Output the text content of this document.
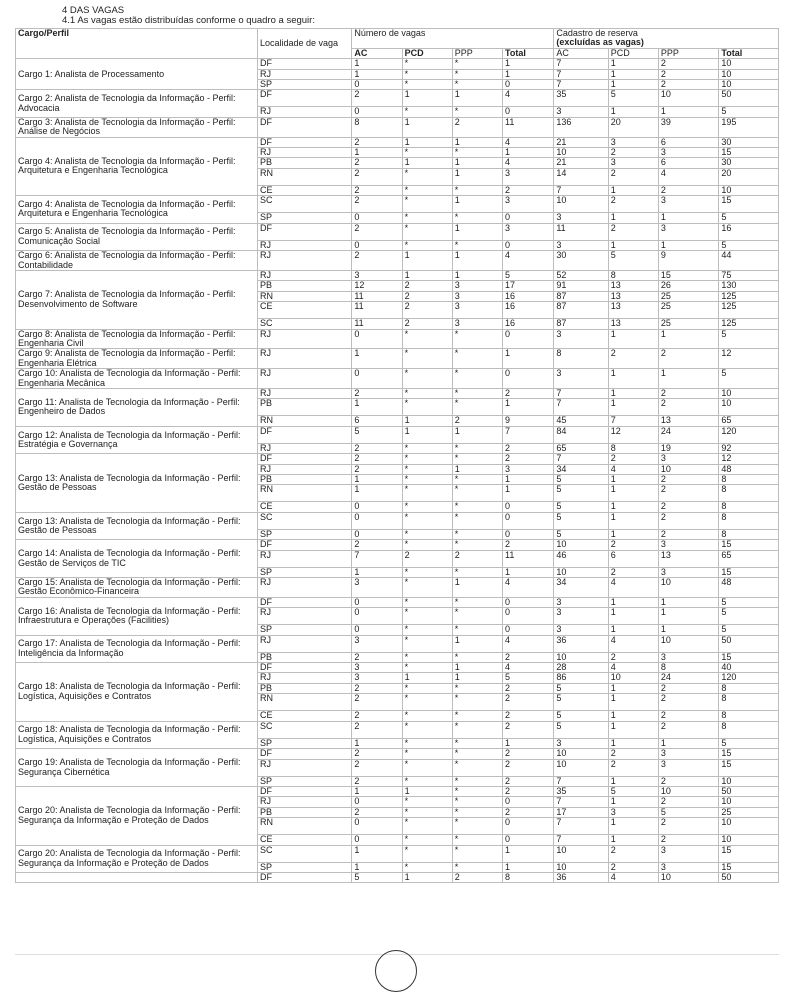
4 DAS VAGAS
4.1 As vagas estão distribuídas conforme o quadro a seguir:
Cargo/Perfil	Localidade de vaga	Número de vagas				Cadastro de reserva
(excluídas as vagas)			
		AC	PCD	PPP	Total	AC	PCD	PPP	Total
Cargo 1: Analista de Processamento	DF	1	*	*	1	7	1	2	10
	RJ	1	*	*	1	7	1	2	10
	SP	0	*	*	0	7	1	2	10
Cargo 2: Analista de Tecnologia da Informação - Perfil: Advocacia	DF	2	1	1	4	35	5	10	50
	RJ	0	*	*	0	3	1	1	5
Cargo 3: Analista de Tecnologia da Informação - Perfil: Análise de Negócios	DF	8	1	2	11	136	20	39	195
Cargo 4: Analista de Tecnologia da Informação - Perfil: Arquitetura e Engenharia Tecnológica	DF	2	1	1	4	21	3	6	30
	RJ	1	*	*	1	10	2	3	15
	PB	2	1	1	4	21	3	6	30
	RN	2	*	1	3	14	2	4	20
	CE	2	*	*	2	7	1	2	10
Cargo 4: Analista de Tecnologia da Informação - Perfil: Arquitetura e Engenharia Tecnológica	SC	2	*	1	3	10	2	3	15
	SP	0	*	*	0	3	1	1	5
Cargo 5: Analista de Tecnologia da Informação - Perfil: Comunicação Social	DF	2	*	1	3	11	2	3	16
	RJ	0	*	*	0	3	1	1	5
Cargo 6: Analista de Tecnologia da Informação - Perfil: Contabilidade	RJ	2	1	1	4	30	5	9	44
Cargo 7: Analista de Tecnologia da Informação - Perfil: Desenvolvimento de Software	RJ	3	1	1	5	52	8	15	75
	PB	12	2	3	17	91	13	26	130
	RN	11	2	3	16	87	13	25	125
	CE	11	2	3	16	87	13	25	125
	SC	11	2	3	16	87	13	25	125
Cargo 8: Analista de Tecnologia da Informação - Perfil: Engenharia Civil	RJ	0	*	*	0	3	1	1	5
Cargo 9: Analista de Tecnologia da Informação - Perfil: Engenharia Elétrica	RJ	1	*	*	1	8	2	2	12
Cargo 10: Analista de Tecnologia da Informação - Perfil: Engenharia Mecânica	RJ	0	*	*	0	3	1	1	5
Cargo 11: Analista de Tecnologia da Informação - Perfil: Engenheiro de Dados	RJ	2	*	*	2	7	1	2	10
	PB	1	*	*	1	7	1	2	10
	RN	6	1	2	9	45	7	13	65
Cargo 12: Analista de Tecnologia da Informação - Perfil: Estratégia e Governança	DF	5	1	1	7	84	12	24	120
	RJ	2	*	*	2	65	8	19	92
Cargo 13: Analista de Tecnologia da Informação - Perfil: Gestão de Pessoas	DF	2	*	*	2	7	2	3	12
	RJ	2	*	1	3	34	4	10	48
	PB	1	*	*	1	5	1	2	8
	RN	1	*	*	1	5	1	2	8
	CE	0	*	*	0	5	1	2	8
Cargo 13: Analista de Tecnologia da Informação - Perfil: Gestão de Pessoas	SC	0	*	*	0	5	1	2	8
	SP	0	*	*	0	5	1	2	8
Cargo 14: Analista de Tecnologia da Informação - Perfil: Gestão de Serviços de TIC	DF	2	*	*	2	10	2	3	15
	RJ	7	2	2	11	46	6	13	65
	SP	1	*	*	1	10	2	3	15
Cargo 15: Analista de Tecnologia da Informação - Perfil: Gestão Econômico-Financeira	RJ	3	*	1	4	34	4	10	48
Cargo 16: Analista de Tecnologia da Informação - Perfil: Infraestrutura e Operações (Facilities)	DF	0	*	*	0	3	1	1	5
	RJ	0	*	*	0	3	1	1	5
	SP	0	*	*	0	3	1	1	5
Cargo 17: Analista de Tecnologia da Informação - Perfil: Inteligência da Informação	RJ	3	*	1	4	36	4	10	50
	PB	2	*	*	2	10	2	3	15
Cargo 18: Analista de Tecnologia da Informação - Perfil: Logística, Aquisições e Contratos	DF	3	*	1	4	28	4	8	40
	RJ	3	1	1	5	86	10	24	120
	PB	2	*	*	2	5	1	2	8
	RN	2	*	*	2	5	1	2	8
	CE	2	*	*	2	5	1	2	8
Cargo 18: Analista de Tecnologia da Informação - Perfil: Logística, Aquisições e Contratos	SC	2	*	*	2	5	1	2	8
	SP	1	*	*	1	3	1	1	5
Cargo 19: Analista de Tecnologia da Informação - Perfil: Segurança Cibernética	DF	2	*	*	2	10	2	3	15
	RJ	2	*	*	2	10	2	3	15
	SP	2	*	*	2	7	1	2	10
Cargo 20: Analista de Tecnologia da Informação - Perfil: Segurança da Informação e Proteção de Dados	DF	1	1	*	2	35	5	10	50
	RJ	0	*	*	0	7	1	2	10
	PB	2	*	*	2	17	3	5	25
	RN	0	*	*	0	7	1	2	10
	CE	0	*	*	0	7	1	2	10
Cargo 20: Analista de Tecnologia da Informação - Perfil: Segurança da Informação e Proteção de Dados	SC	1	*	*	1	10	2	3	15
	SP	1	*	*	1	10	2	3	15
	DF	5	1	2	8	36	4	10	50
